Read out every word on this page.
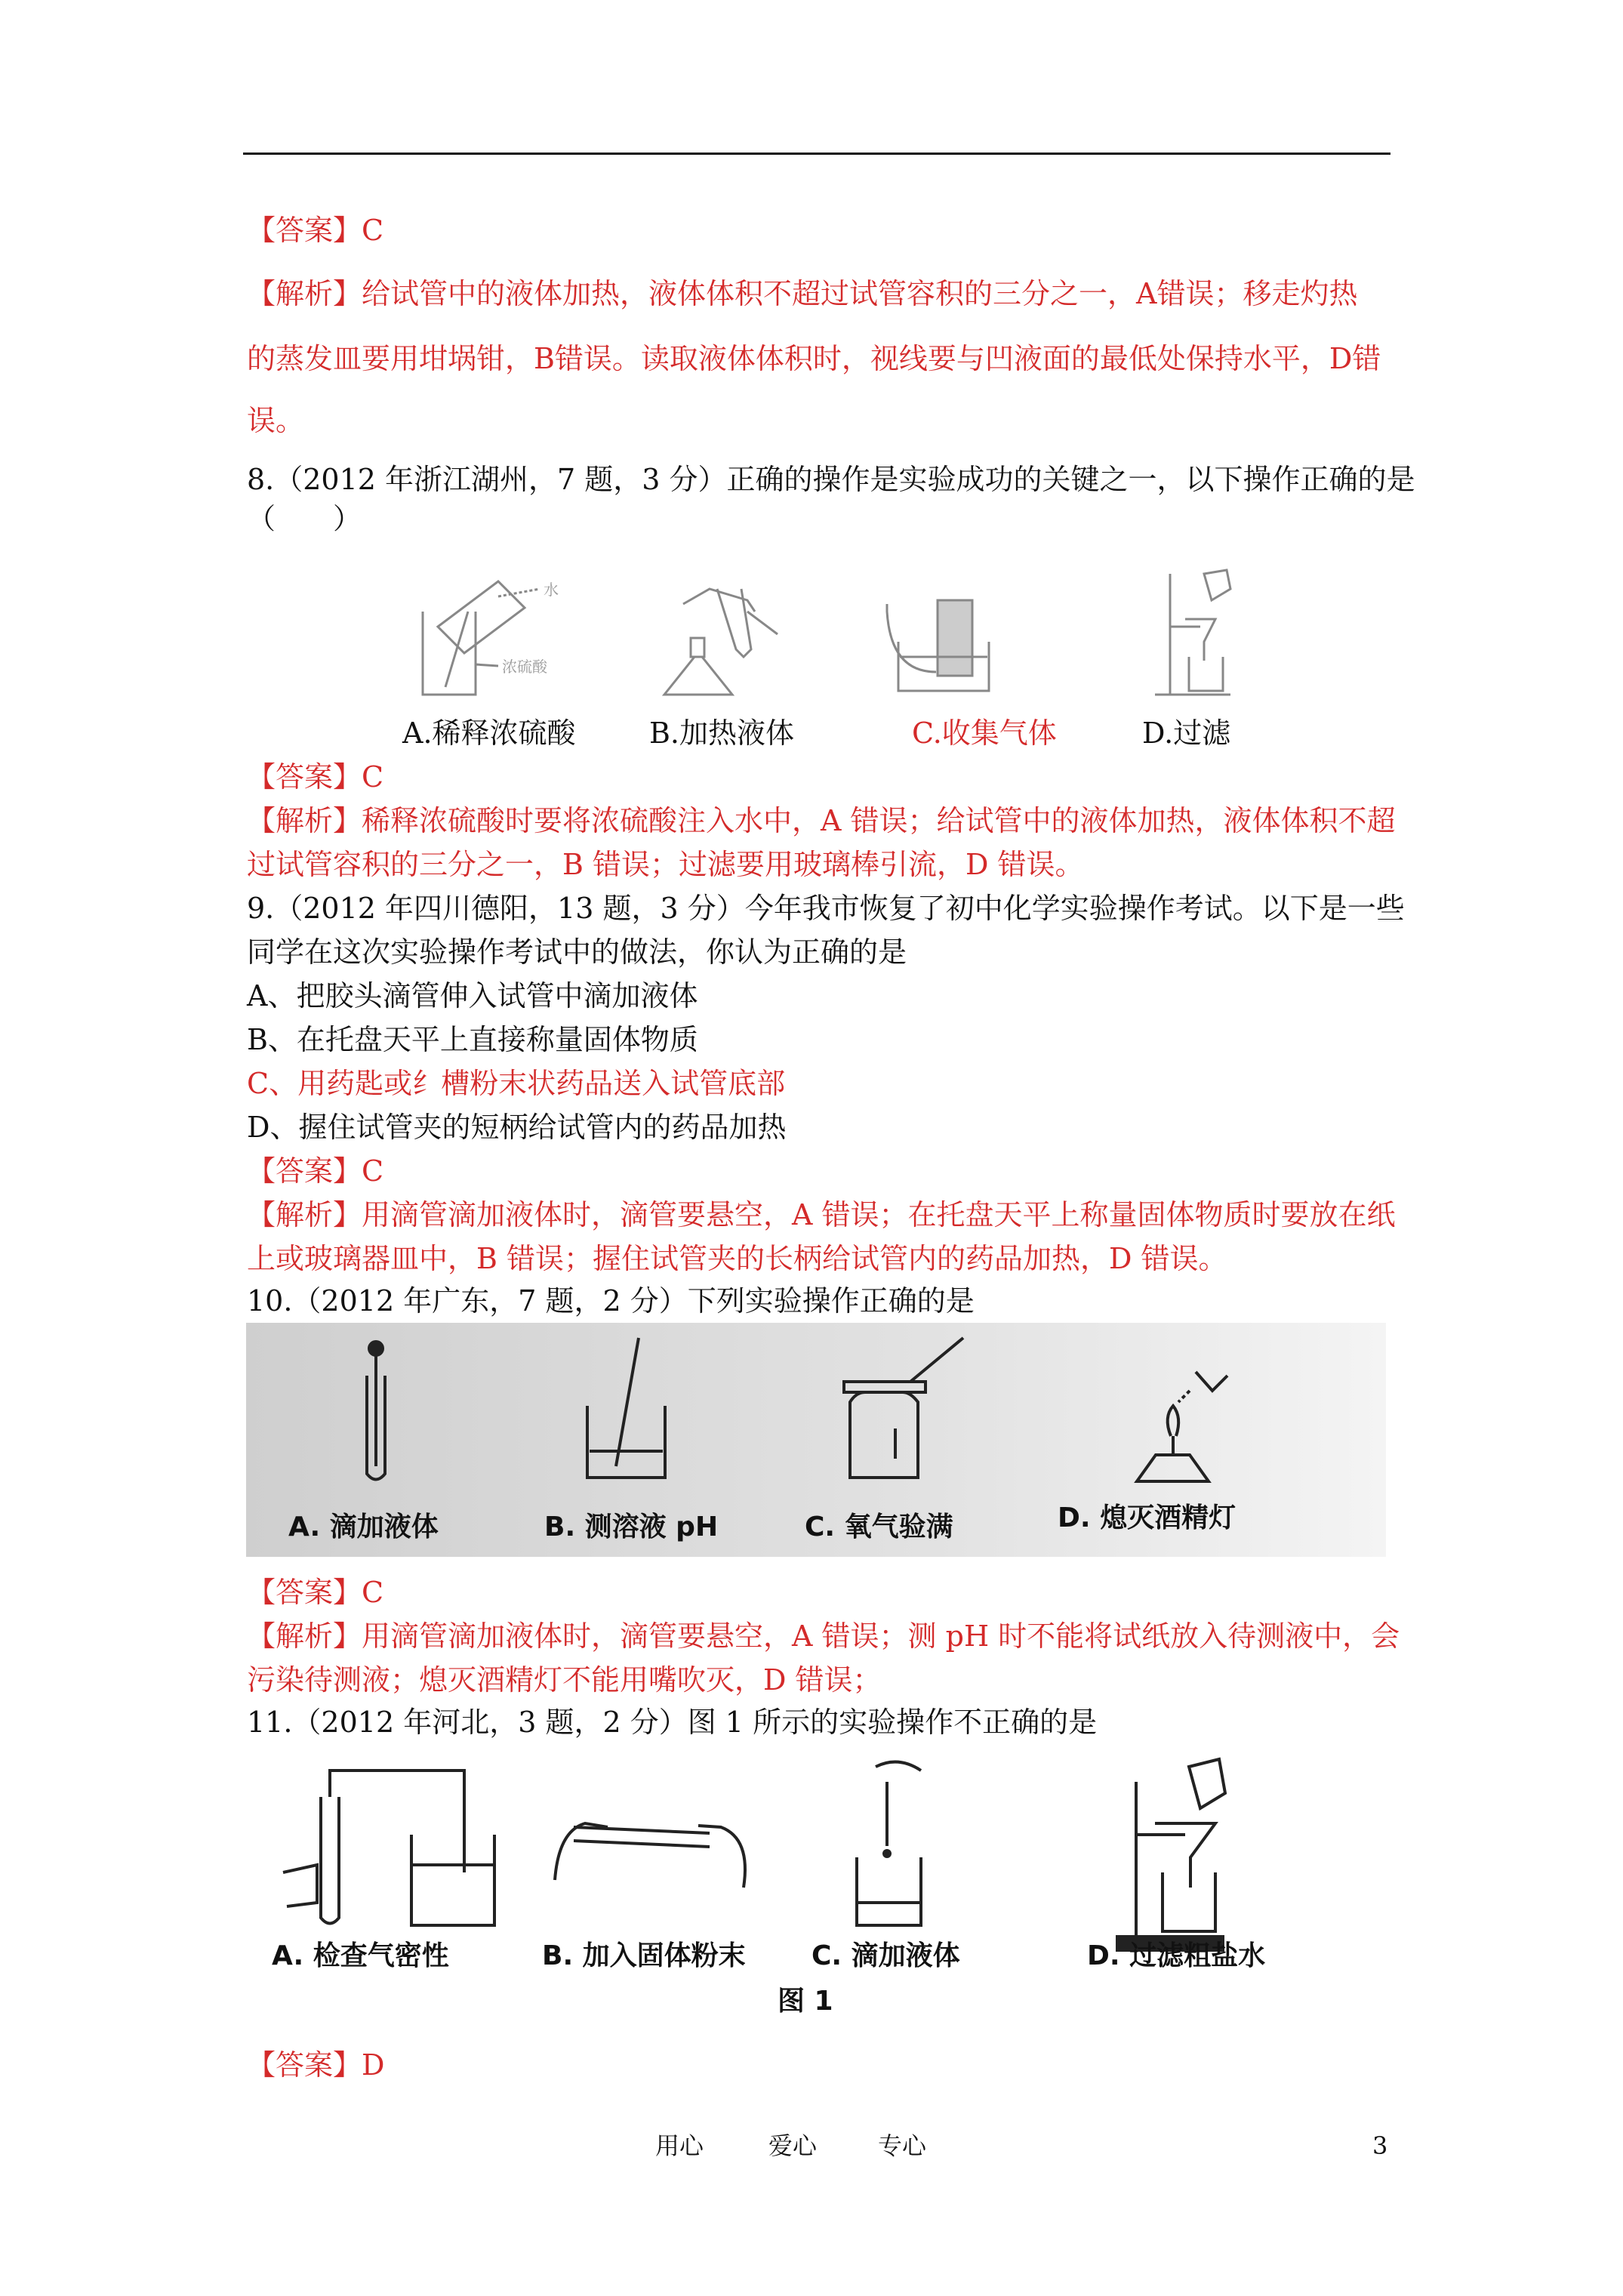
【答案】C
【解析】给试管中的液体加热，液体体积不超过试管容积的三分之一，A错误；移走灼热
的蒸发皿要用坩埚钳，B错误。读取液体体积时，视线要与凹液面的最低处保持水平，D错
误。
8.（2012 年浙江湖州，7 题，3 分）正确的操作是实验成功的关键之一，以下操作正确的是
（　　）
水
浓硫酸
A.稀释浓硫酸	B.加热液体	C.收集气体	D.过滤
【答案】C
【解析】稀释浓硫酸时要将浓硫酸注入水中，A 错误；给试管中的液体加热，液体体积不超
过试管容积的三分之一，B 错误；过滤要用玻璃棒引流，D 错误。
9.（2012 年四川德阳，13 题，3 分）今年我市恢复了初中化学实验操作考试。以下是一些
同学在这次实验操作考试中的做法，你认为正确的是
A、把胶头滴管伸入试管中滴加液体
B、在托盘天平上直接称量固体物质
C、用药匙或纟槽粉末状药品送入试管底部
D、握住试管夹的短柄给试管内的药品加热
【答案】C
【解析】用滴管滴加液体时，滴管要悬空，A 错误；在托盘天平上称量固体物质时要放在纸
上或玻璃器皿中，B 错误；握住试管夹的长柄给试管内的药品加热，D 错误。
10.（2012 年广东，7 题，2 分）下列实验操作正确的是
A. 滴加液体	B. 测溶液 pH	C. 氧气验满	D. 熄灭酒精灯
【答案】C
【解析】用滴管滴加液体时，滴管要悬空，A 错误；测 pH 时不能将试纸放入待测液中，会
污染待测液；熄灭酒精灯不能用嘴吹灭，D 错误；
11.（2012 年河北，3 题，2 分）图 1 所示的实验操作不正确的是
A. 检查气密性	B. 加入固体粉末 C. 滴加液体	D. 过滤粗盐水
图 1
【答案】D
用心	爱心	专心	3
